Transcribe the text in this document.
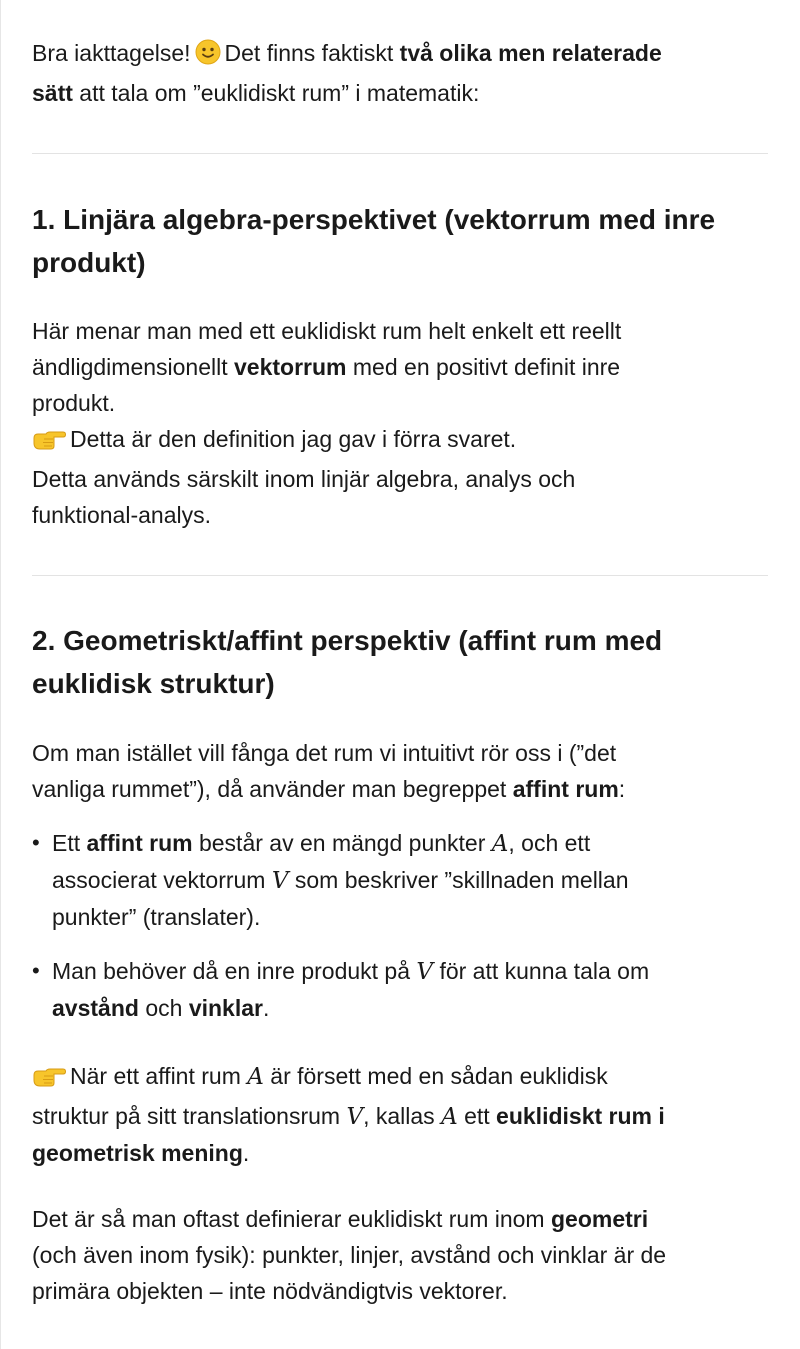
Bra iakttagelse! Det finns faktiskt två olika men relaterade
sätt att tala om ”euklidiskt rum” i matematik:

1. Linjära algebra-perspektivet (vektorrum med inre
produkt)

Här menar man med ett euklidiskt rum helt enkelt ett reellt
ändligdimensionellt vektorrum med en positivt definit inre
produkt.
Detta är den definition jag gav i förra svaret.
Detta används särskilt inom linjär algebra, analys och
funktional-analys.

2. Geometriskt/affint perspektiv (affint rum med
euklidisk struktur)

Om man istället vill fånga det rum vi intuitivt rör oss i (”det
vanliga rummet”), då använder man begreppet affint rum:

• Ett affint rum består av en mängd punkter A, och ett
associerat vektorrum V som beskriver ”skillnaden mellan
punkter” (translater).
• Man behöver då en inre produkt på V för att kunna tala om
avstånd och vinklar.

När ett affint rum A är försett med en sådan euklidisk
struktur på sitt translationsrum V, kallas A ett euklidiskt rum i
geometrisk mening.

Det är så man oftast definierar euklidiskt rum inom geometri
(och även inom fysik): punkter, linjer, avstånd och vinklar är de
primära objekten – inte nödvändigtvis vektorer.
